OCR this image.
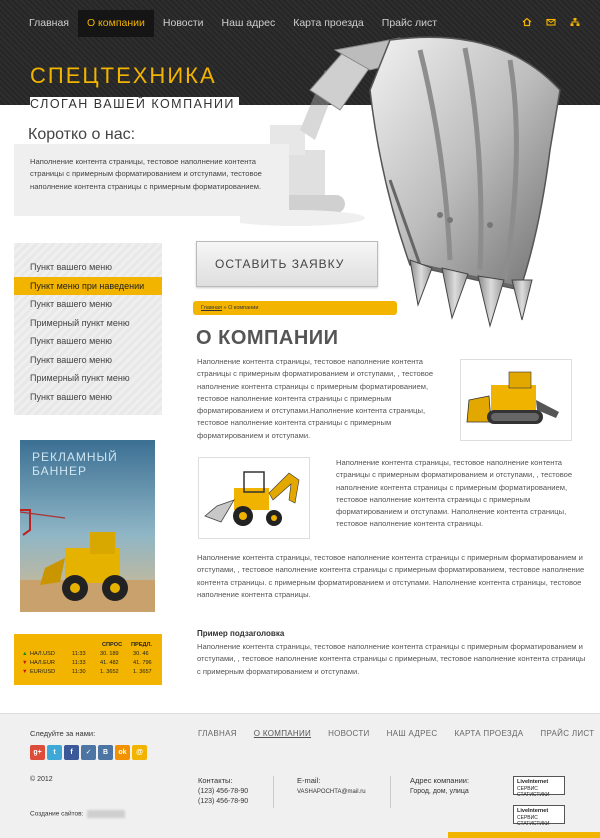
Главная	О компании	Новости	Наш адрес	Карта проезда	Прайс лист
СПЕЦТЕХНИКА
СЛОГАН ВАШЕЙ КОМПАНИИ
Коротко о нас:

Наполнение контента страницы, тестовое наполнение контента страницы с примерным форматированием и отступами, тестовое наполнение контента страницы с примерным форматированием.

Пункт вашего меню
Пункт меню при наведении
Пункт вашего меню
Примерный пункт меню
Пункт вашего меню
Пункт вашего меню
Примерный пункт меню
Пункт вашего меню
РЕКЛАМНЫЙ
БАННЕР
СПРОС ПРЕДЛ.
▲ НАЛ.USD	11:33	30. 189	30. 46
▼ НАЛ.EUR	11:33	41. 482	41. 796
▼ EUR/USD	11:30	1. 3652	1. 3657
ОСТАВИТЬ ЗАЯВКУ
Главная » О компании
О КОМПАНИИ

Наполнение контента страницы, тестовое наполнение контента страницы с примерным форматированием и отступами, , тестовое наполнение контента страницы с примерным форматированием, тестовое наполнение контента страницы с примерным форматированием и отступами.Наполнение контента страницы, тестовое наполнение контента страницы с примерным форматированием и отступами.

Наполнение контента страницы, тестовое наполнение контента страницы с примерным форматированием и отступами, , тестовое наполнение контента страницы с примерным форматированием, тестовое наполнение контента страницы с примерным форматированием и отступами. Наполнение контента страницы, тестовое наполнение контента страницы.

Наполнение контента страницы, тестовое наполнение контента страницы с примерным форматированием и отступами, , тестовое наполнение контента страницы с примерным форматированием, тестовое наполнение контента страницы. с примерным форматированием и отступами. Наполнение контента страницы, тестовое наполнение контента страницы.

Пример подзаголовка

Наполнение контента страницы, тестовое наполнение контента страницы с примерным форматированием и отступами, , тестовое наполнение контента страницы с примерным, тестовое наполнение контента страницы с примерным форматированием и отступами.

Следуйте за нами:
g+	t	f	✓	В	ok	@
© 2012
Создание сайтов:
ГЛАВНАЯ О КОМПАНИИ НОВОСТИ НАШ АДРЕС КАРТА ПРОЕЗДА ПРАЙС ЛИСТ
Контакты:
(123) 456-78-90
(123) 456-78-90
E-mail:
VASHAPOCHTA@mail.ru
Адрес компании:
Город, дом, улица
LiveInternet
СЕРВИС СТАТИСТИКИ
LiveInternet
СЕРВИС СТАТИСТИКИ
